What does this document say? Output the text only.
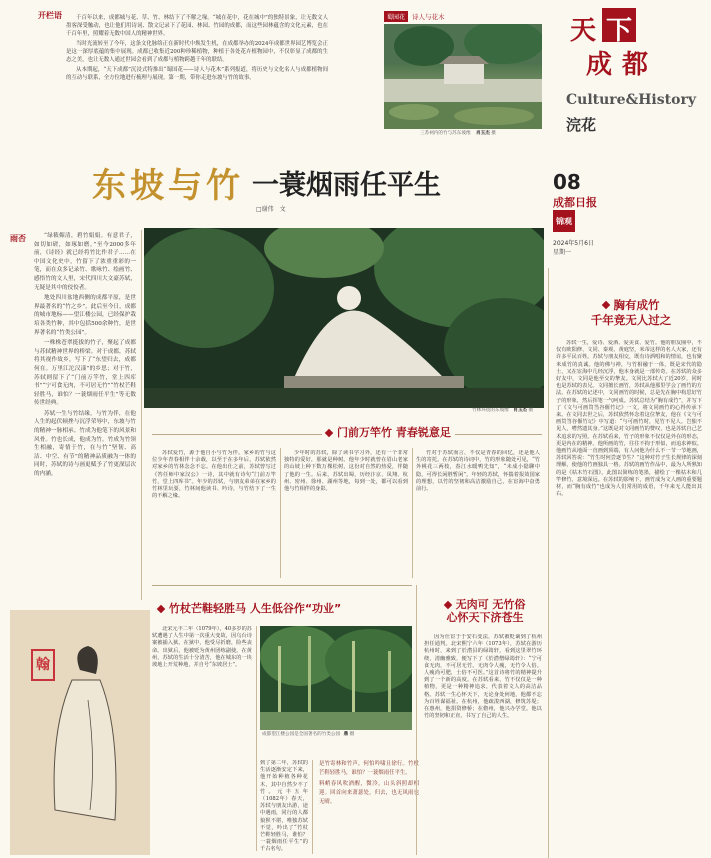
开栏语	千百年以来，成都城与花、草、竹、林结下了不解之缘。“城在花中，花在城中”的独特景象，让无数文人墨客深受触动，也让他们用诗词、散文记录下了花园、林园、竹园的成都，而这些园林蕴含的文化元素，也在千百年里，照耀着无数中国人的精神世界。

当时光流转至了今年，这条文化脉络正在新时代中焕发生机，在成都举办的2024年成都世界园艺博览会正是这一深厚底蕴的集中展现。成都已收集近200种珍稀植物，种植于各处花卉植物园中，不仅彰显了成都的生态之美，也让无数人通过世园会看到了成都与植物跨越千年的联结。

从本期起，“天下成都”沉浸式特推出“蜀国花——诗人与花木”系列报道，将历史与文化名人与成都植物间的互动与联系，全方位地进行梳理与展现。第一期，带你走进东坡与竹的故事。

蜀园花	诗人与花木
三苏祠内的竹与苏东坡像 肖玉杰 摄
天 下
成 都
Culture&History
浣花
东坡与竹 一蓑烟雨任平生
□谢伟 文
08
成都日报
锦观
2024年5月6日
星期一
雨否	“绿筱媚清，碧竹娟娟。有意君子，如切如磋，如琢如磨。”至今2000多年前，《诗经》就已经将竹比作君子……在中国文化史中，竹留下了浓重重彩的一笔，而在众多记录竹、歌咏竹、绘画竹、感悟竹的文人里，宋代四川大文豪苏轼，无疑是其中的佼佼者。

地处四川盆地西侧的成都平原，是世界最著名的“竹之乡”。此后至今日，成都的城市地标——望江楼公园，已经保护栽培各类竹种，其中包括500余种竹，是世界著名的“竹类公园”。

一株株苍翠挺拔的竹子，聚起了成都与苏轼精神世界的桥梁。对于成都，苏轼将其视作故乡，写下了“东望归去，成都何在。万里江沱汉漾”的乡思；对于竹，苏轼则留下了“门前万竿竹，堂上四库书”“宁可食无肉，不可居无竹”“竹杖芒鞋轻胜马，谁怕？一蓑烟雨任平生”等无数传世经典。

苏轼一生与竹结缘，与竹为伴，在他人生的起伏顿挫与沉浮荣辱中，东坡与竹的精神一脉相承。竹成为他笔下的风景和风骨。竹也长成，他成为竹。竹成为竹领生相融，寄情于竹，在与竹“坚韧、高洁、中空、有节”的精神品质融为一体的同时，苏轼的诗与画更赋予了竹更深层次的内涵。

竹林环绕的东坡像 肖玉杰 摄
翰
门前万竿竹 青春锐意足

苏轼爱竹，源于他自小与竹为伴。家乡的竹与这位少年青春相伴十余载，以至于在多年后，苏轼依然对家乡的竹林念念不忘。在他出仕之前，苏轼曾写过《答任师中家汉公》一诗，其中就有诗句“门前万竿竹，堂上四库书”。年少的苏轼，与朋友弟弟在家乡的竹林里玩耍，竹林间他读书、吟诗，与竹结下了一生的不解之缘。

少年时的苏轼，除了读书学习外，还有一个非常独特的爱好，那就是种树。他年少时就曾在眉山老家的山坡上种下数万棵松树，这份对自然的热爱，伴随了他的一生。后来，苏轼出蜀，历经汴京、凤翔、杭州、密州、徐州、湖州等地，每到一处，都可以看到他与竹相伴的身影。

竹对于苏轼而言，不仅是青春的回忆，还是他人生的寄托。在苏轼的诗词中，竹的形象随处可见，“竹外桃花三两枝，春江水暖鸭先知”，“未成小隐聊中隐，可得长闲胜暂闲”。年轻的苏轼，怀揣着报效国家的理想，以竹的坚韧和高洁激励自己，在宦海中奋勇前行。

竹杖芒鞋轻胜马 人生低谷作“功业”

北宋元丰二年（1079年），40多岁的苏轼遭遇了人生中第一次重大变故，因乌台诗案被捕入狱。在狱中，他受尽折磨，险些丧命。出狱后，他被贬为黄州团练副使。在黄州，苏轼的生活十分清苦，他在城东的一块坡地上开荒种地，并自号“东坡居士”。

成都望江楼公园是全国著名的竹类公园 鼎 摄

是竹寄林和竹声，何怕吟啸且徐行。竹杖芒鞋轻胜马，谁怕？一蓑烟雨任平生。

料峭春风吹酒醒，微冷，山头斜照却相迎。回首向来萧瑟处，归去，也无风雨也无晴。

到了第二年，苏轼的生活逐渐安定下来，他开始种植各种花木，其中自然少不了竹。元丰五年（1082年）春天，苏轼与朋友出游，途中遇雨，同行的人都狼狈不堪，唯独苏轼不觉，吟出了“竹杖芒鞋轻胜马，谁怕？一蓑烟雨任平生”的千古名句。

无肉可 无竹俗
心怀天下济苍生

因为仕宦于于安石变法，苏轼被贬谪到了杭州担任通判。北宋熙宁六年（1073年），苏轼在游历杭州时，来到了於潜县的绿筠轩，看到这里翠竹环绕，清幽雅致，便写下了《於潜僧绿筠轩》：“宁可食无肉，不可居无竹。无肉令人瘦，无竹令人俗。人瘦尚可肥，士俗不可医。”这首诗将竹的精神提升到了一个新的高度。在苏轼看来，竹不仅仅是一种植物，更是一种精神追求，代表着文人的高洁品格。苏轼一生心怀天下，无论身处何地，他都不忘为百姓谋福祉。在杭州，他疏浚西湖，修筑苏堤；在惠州，他捐资修桥；在儋州，他兴办学堂。他以竹的坚韧和正直，书写了自己的人生。

胸有成竹
千年竞无人过之

苏轼一生，爱诗、爱酒、爱美食、爱竹。他的朋友圈中，不仅有欧阳修、文同、秦观、黄庭坚，米芾这样的名人大家，还有许多平民百姓。苏轼与朋友相交，既有诗酒唱和的情谊，也有聚米成竹的真诚。他的佛与禅，与竹相融于一体，既是宋代的隐士，又在宦海中几经沉浮，他本身就是一部传奇。在苏轼的众多好友中，文同是他至交的挚友。文同比苏轼大了近20岁，同时也是苏轼的表兄。文同擅长画竹，苏轼从他那里学会了画竹的方法。在苏轼的记述中，文同画竹的时候，总是先在胸中构思好竹子的形象，然后挥笔一气呵成。苏轼总结为“胸有成竹”，并写下了《文与可画筼筜谷偃竹记》一文，将文同画竹的心得传承下来。在文同去世之后，苏轼依然怀念着这位挚友，他在《文与可画筼筜谷偃竹记》中写道：“与可画竹时，见竹不见人。岂独不见人，嗒然遗其身。”这既是对文同画竹的赞叹，也是苏轼自己艺术追求的写照。在苏轼看来，竹子的形象不仅仅是外在的形态，更是内在的精神。他所画的竹，往往不拘于形似，而追求神似。他画竹从地面一直画到顶端，有人问他为什么不一节一节地画，苏轼回答说：“竹生时何尝逐节生？”这种对竹子生长规律的深刻理解，使他的竹画独具一格。苏轼的画竹作品中，最为人所熟知的是《枯木竹石图》，此图以简练的笔墨，描绘了一棵枯木和几竿修竹，意境深远。在苏轼的影响下，画竹成为文人画的重要题材，而“胸有成竹”也成为人们常用的成语，千年来无人能出其右。
